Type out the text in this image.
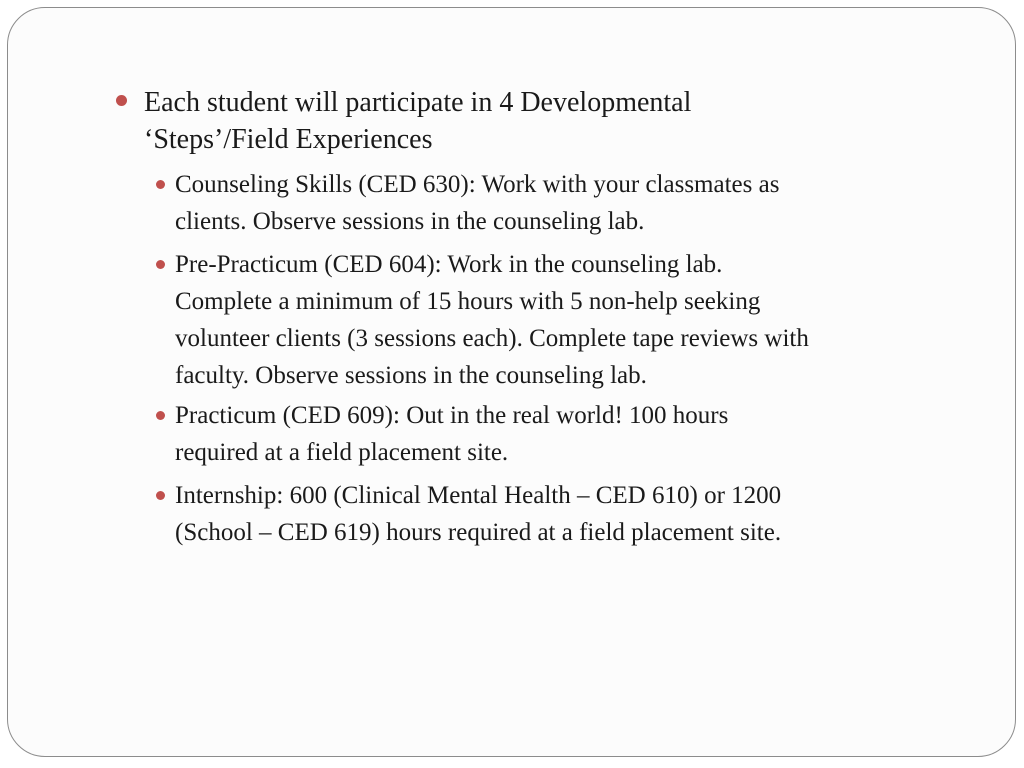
Each student will participate in 4 Developmental
‘Steps’/Field Experiences
Counseling Skills (CED 630): Work with your classmates as
clients. Observe sessions in the counseling lab.
Pre-Practicum (CED 604): Work in the counseling lab.
Complete a minimum of 15 hours with 5 non-help seeking
volunteer clients (3 sessions each). Complete tape reviews with
faculty. Observe sessions in the counseling lab.
Practicum (CED 609): Out in the real world! 100 hours
required at a field placement site.
Internship: 600 (Clinical Mental Health – CED 610) or 1200
(School – CED 619) hours required at a field placement site.
